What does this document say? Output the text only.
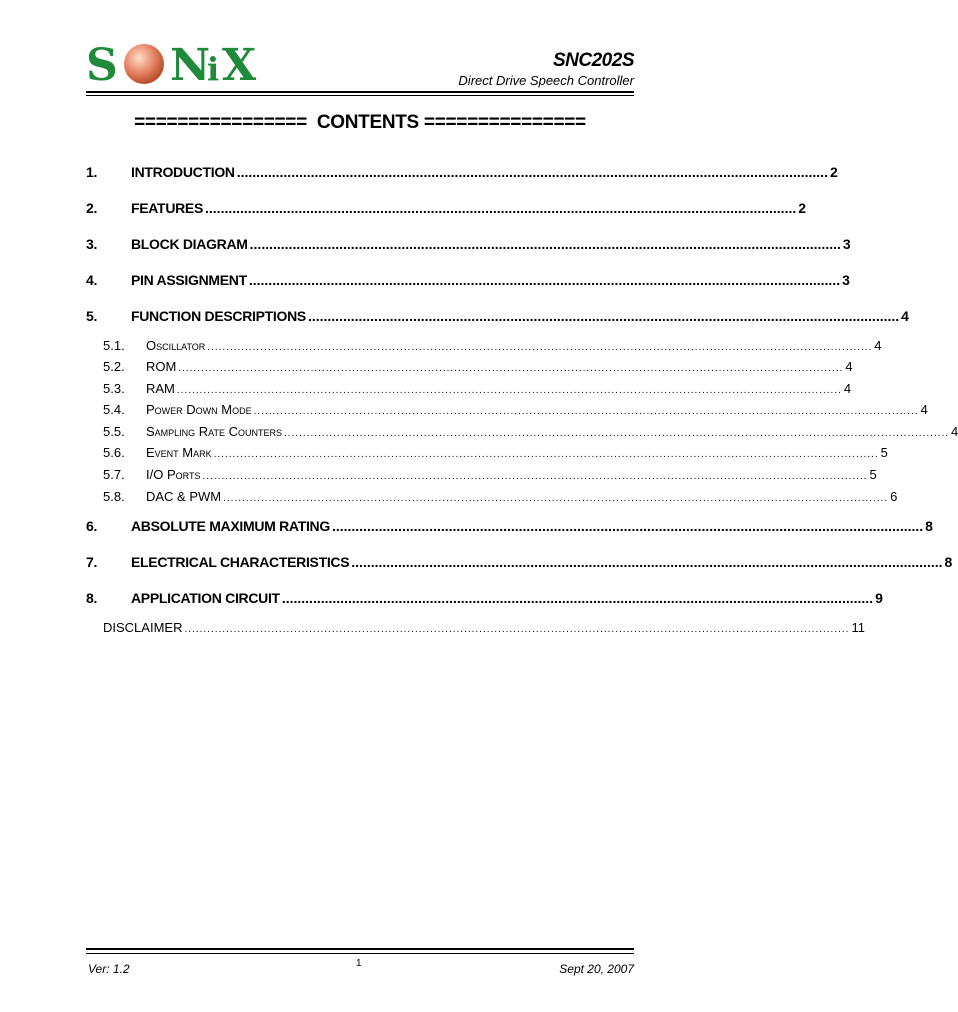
S N
i X	SNC202S
Direct Drive Speech Controller
================  CONTENTS ===============
1.	INTRODUCTION ........................................................................................................................................................ 2
2.	FEATURES ........................................................................................................................................................ 2
3.	BLOCK DIAGRAM ........................................................................................................................................................ 3
4.	PIN ASSIGNMENT ........................................................................................................................................................ 3
5.	FUNCTION DESCRIPTIONS ........................................................................................................................................................ 4
5.1.	Oscillator ................................................................................................................................................................................ 4
5.2.	ROM ................................................................................................................................................................................ 4
5.3.	RAM ................................................................................................................................................................................ 4
5.4.	Power Down Mode ................................................................................................................................................................................ 4
5.5.	Sampling Rate Counters ................................................................................................................................................................................ 4
5.6.	Event Mark ................................................................................................................................................................................ 5
5.7.	I/O Ports ................................................................................................................................................................................ 5
5.8.	DAC & PWM ................................................................................................................................................................................ 6
6.	ABSOLUTE MAXIMUM RATING ........................................................................................................................................................ 8
7.	ELECTRICAL CHARACTERISTICS ........................................................................................................................................................ 8
8.	APPLICATION CIRCUIT ........................................................................................................................................................ 9
DISCLAIMER ................................................................................................................................................................................ 11
Ver: 1.2	1	Sept 20, 2007
